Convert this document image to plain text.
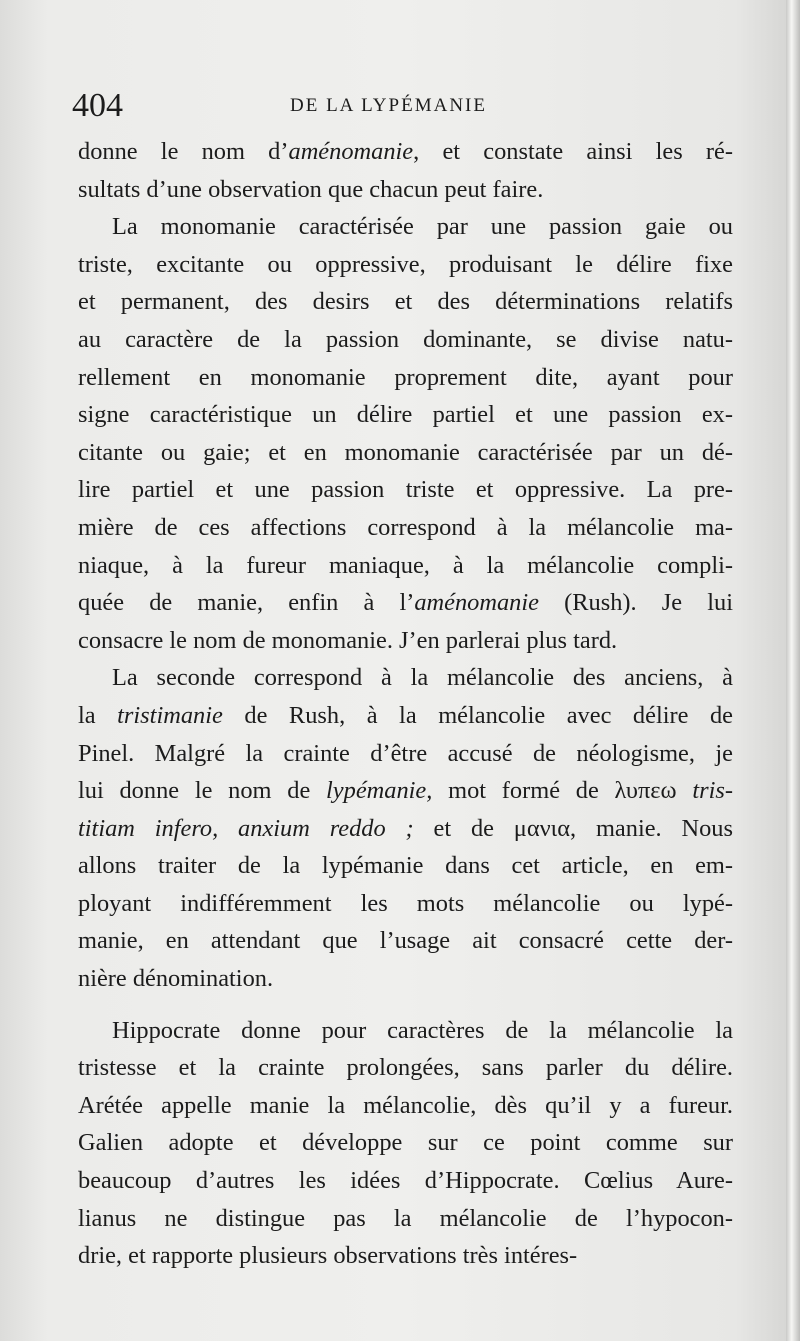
404	DE LA LYPÉMANIE
donne le nom d’aménomanie, et constate ainsi les ré-
sultats d’une observation que chacun peut faire.
La monomanie caractérisée par une passion gaie ou
triste, excitante ou oppressive, produisant le délire fixe
et permanent, des desirs et des déterminations relatifs
au caractère de la passion dominante, se divise natu-
rellement en monomanie proprement dite, ayant pour
signe caractéristique un délire partiel et une passion ex-
citante ou gaie; et en monomanie caractérisée par un dé-
lire partiel et une passion triste et oppressive. La pre-
mière de ces affections correspond à la mélancolie ma-
niaque, à la fureur maniaque, à la mélancolie compli-
quée de manie, enfin à l’aménomanie (Rush). Je lui
consacre le nom de monomanie. J’en parlerai plus tard.
La seconde correspond à la mélancolie des anciens, à
la tristimanie de Rush, à la mélancolie avec délire de
Pinel. Malgré la crainte d’être accusé de néologisme, je
lui donne le nom de lypémanie, mot formé de λυπεω tris-
titiam infero, anxium reddo ; et de μανια, manie. Nous
allons traiter de la lypémanie dans cet article, en em-
ployant indifféremment les mots mélancolie ou lypé-
manie, en attendant que l’usage ait consacré cette der-
nière dénomination.
Hippocrate donne pour caractères de la mélancolie la
tristesse et la crainte prolongées, sans parler du délire.
Arétée appelle manie la mélancolie, dès qu’il y a fureur.
Galien adopte et développe sur ce point comme sur
beaucoup d’autres les idées d’Hippocrate. Cœlius Aure-
lianus ne distingue pas la mélancolie de l’hypocon-
drie, et rapporte plusieurs observations très intéres-
